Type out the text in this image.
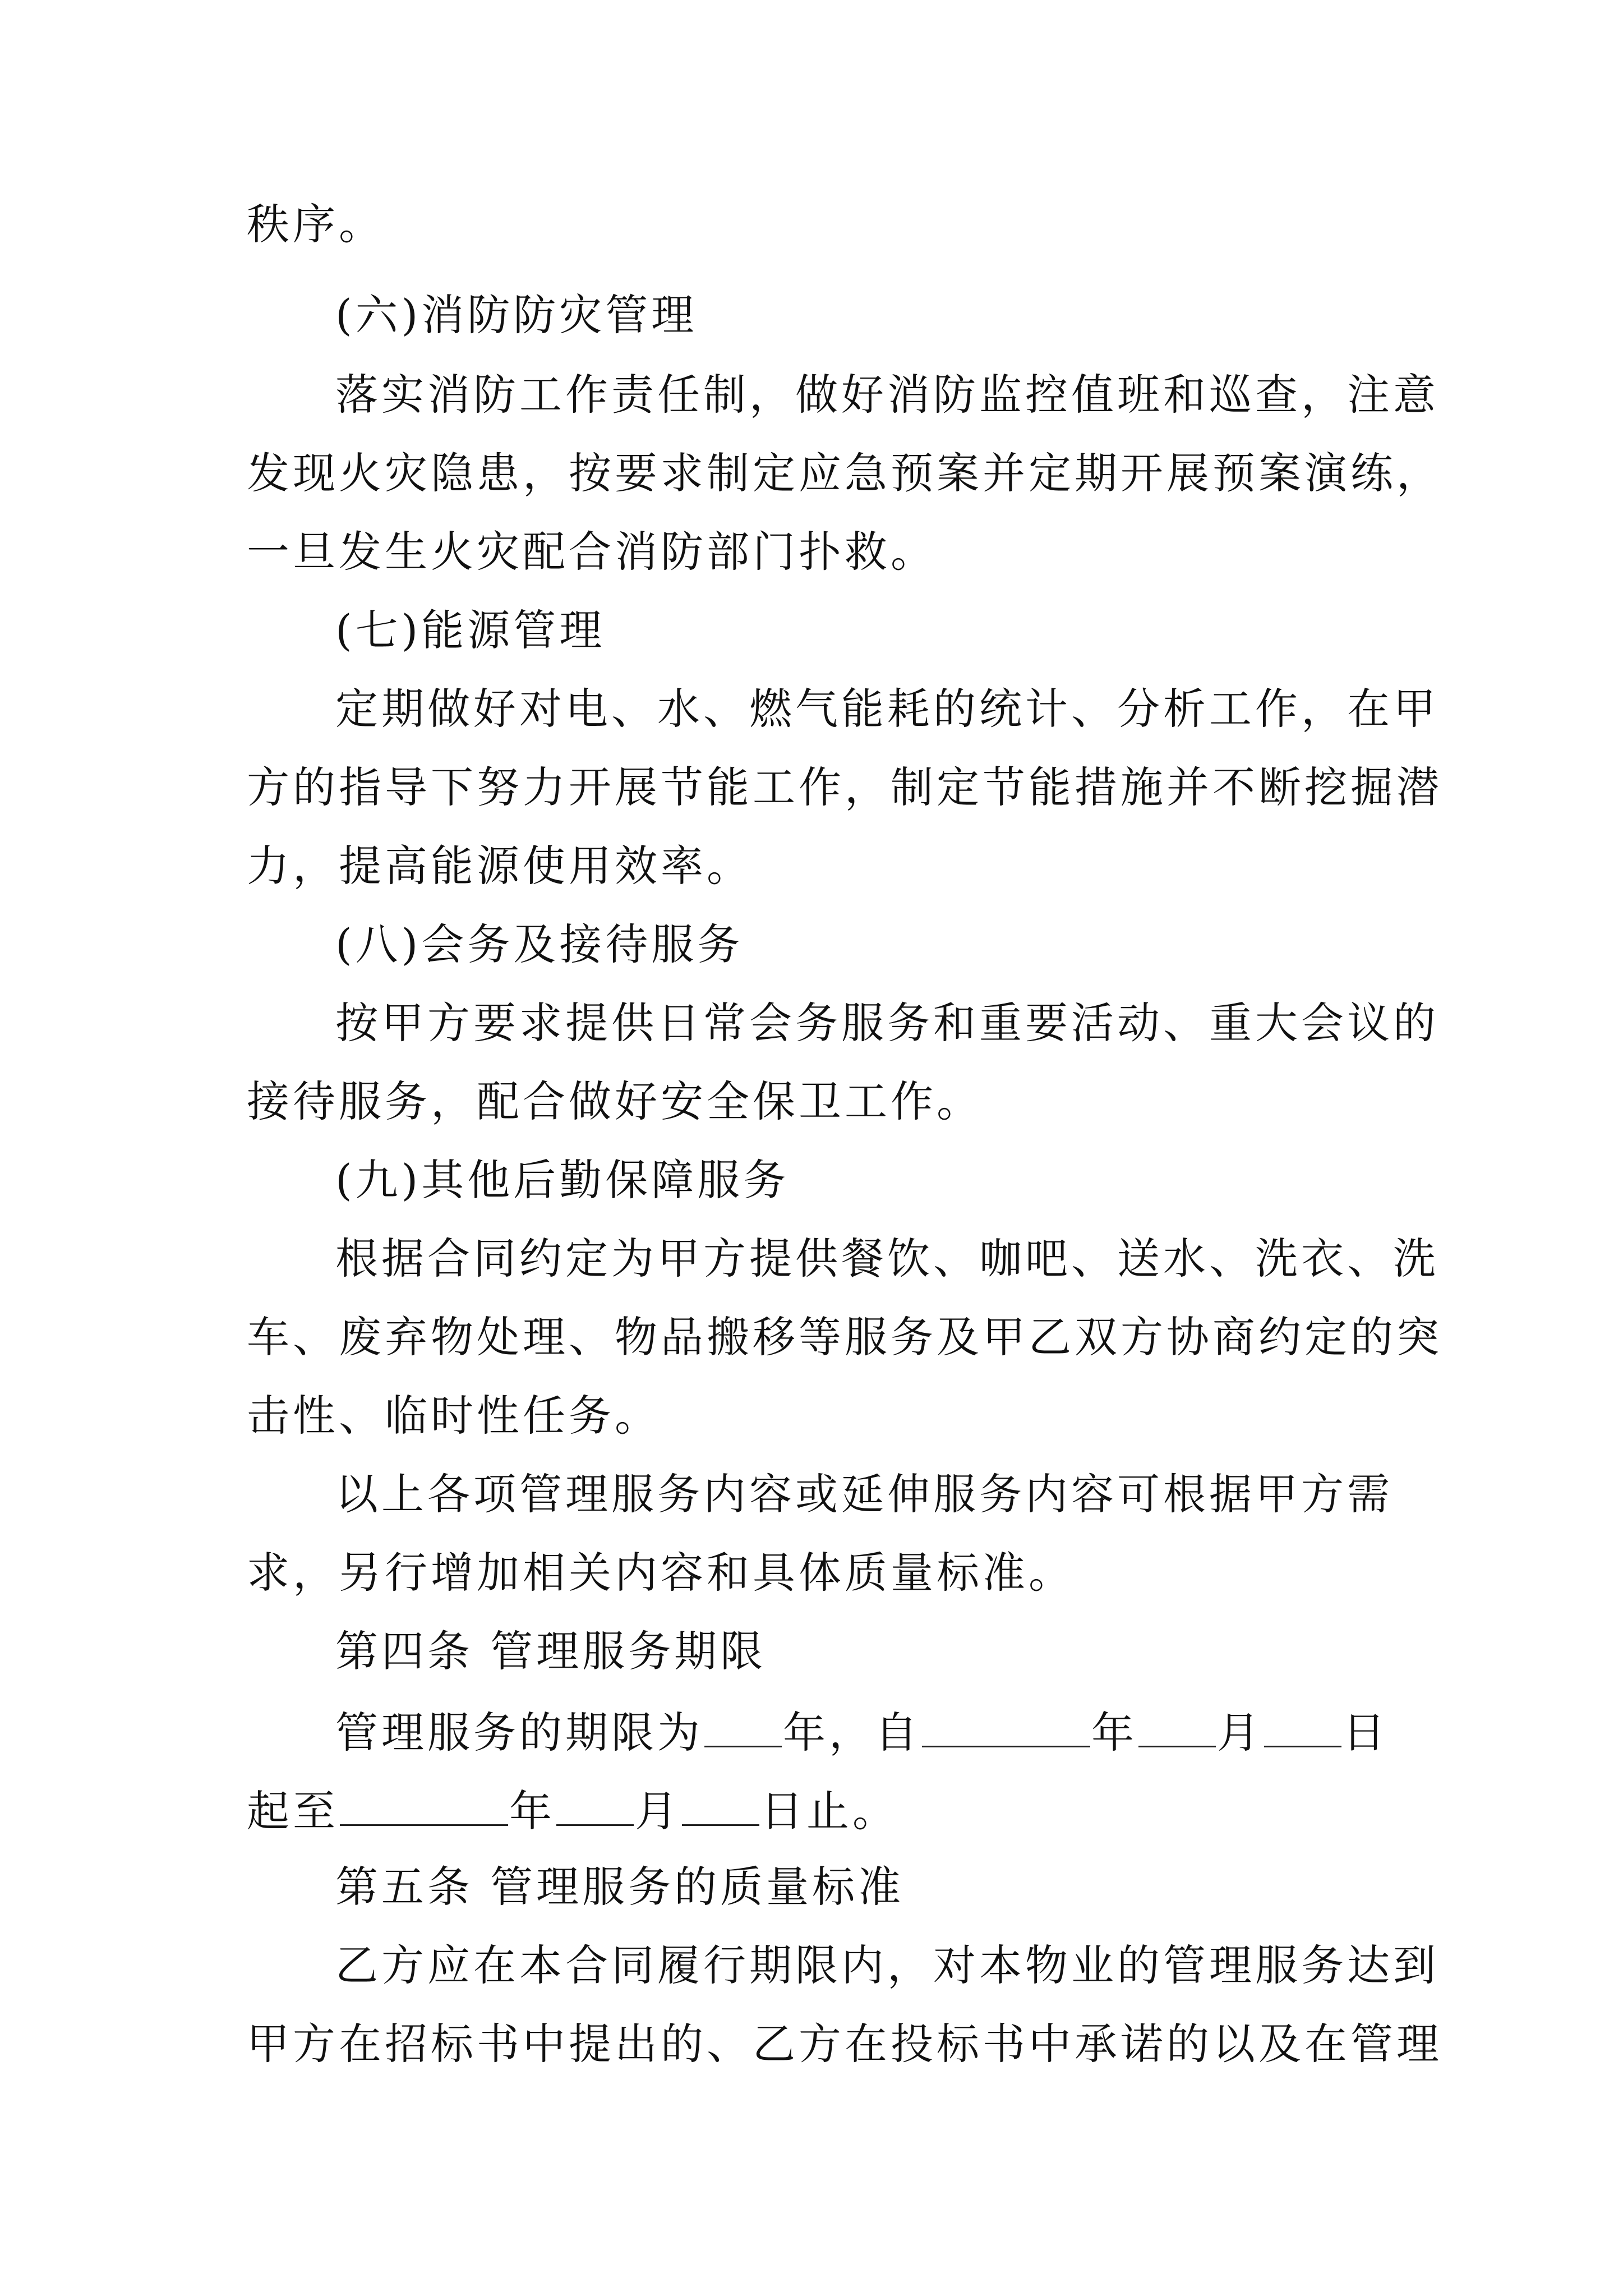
秩序。
(六)消防防灾管理
落实消防工作责任制，做好消防监控值班和巡查，注意
发现火灾隐患，按要求制定应急预案并定期开展预案演练，
一旦发生火灾配合消防部门扑救。
(七)能源管理
定期做好对电、水、燃气能耗的统计、分析工作，在甲
方的指导下努力开展节能工作，制定节能措施并不断挖掘潜
力，提高能源使用效率。
(八)会务及接待服务
按甲方要求提供日常会务服务和重要活动、重大会议的
接待服务，配合做好安全保卫工作。
(九)其他后勤保障服务
根据合同约定为甲方提供餐饮、咖吧、送水、洗衣、洗
车、废弃物处理、物品搬移等服务及甲乙双方协商约定的突
击性、临时性任务。
以上各项管理服务内容或延伸服务内容可根据甲方需
求，另行增加相关内容和具体质量标准。
第四条 管理服务期限
管理服务的期限为 年，自	年 月 日
起至	年 月 日止。
第五条 管理服务的质量标准
乙方应在本合同履行期限内，对本物业的管理服务达到
甲方在招标书中提出的、乙方在投标书中承诺的以及在管理
